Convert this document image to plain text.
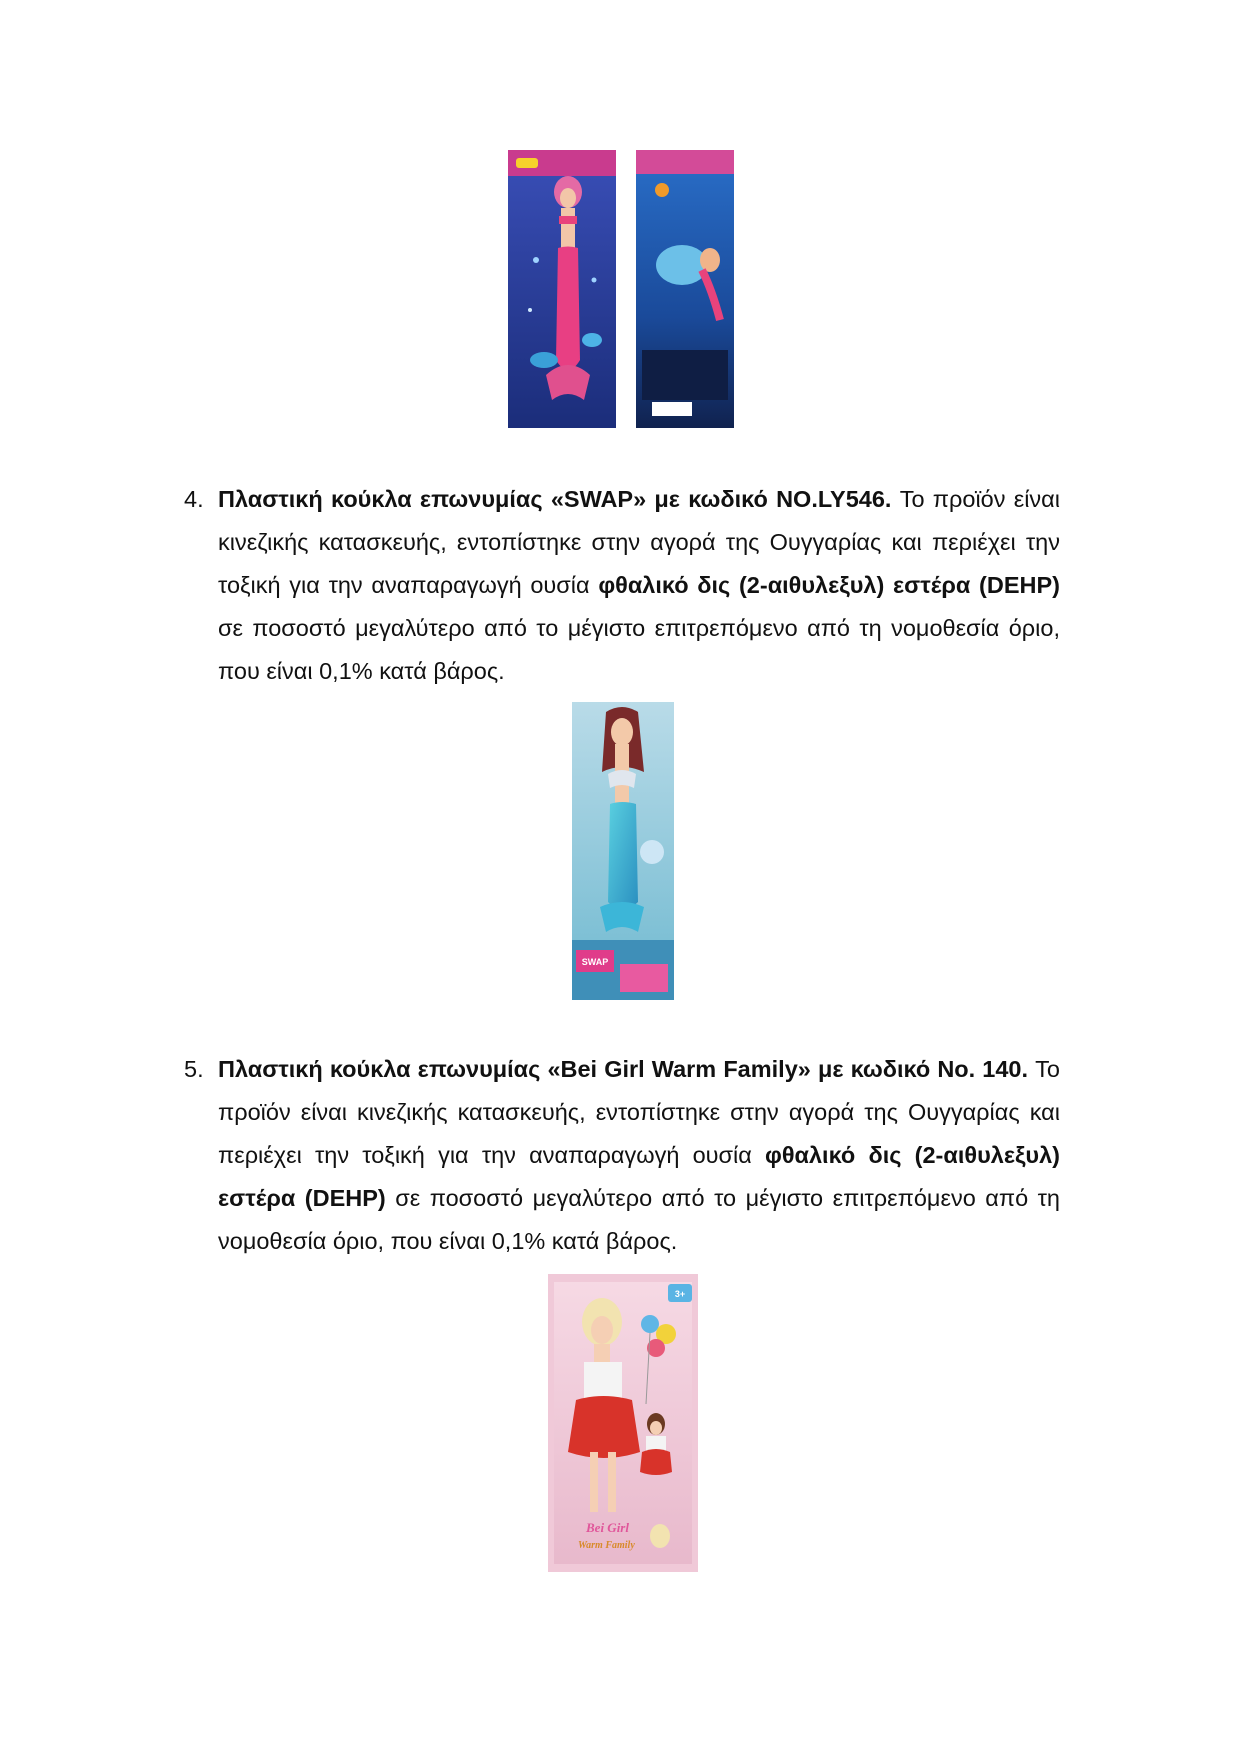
4. Πλαστική κούκλα επωνυμίας «SWAP» με κωδικό NO.LY546. Το προϊόν είναι κινεζικής κατασκευής, εντοπίστηκε στην αγορά της Ουγγαρίας και περιέχει την τοξική για την αναπαραγωγή ουσία φθαλικό δις (2-αιθυλεξυλ) εστέρα (DEHP) σε ποσοστό μεγαλύτερο από το μέγιστο επιτρεπόμενο από τη νομοθεσία όριο, που είναι 0,1% κατά βάρος.

SWAP
5. Πλαστική κούκλα επωνυμίας «Bei Girl Warm Family» με κωδικό No. 140. Το προϊόν είναι κινεζικής κατασκευής, εντοπίστηκε στην αγορά της Ουγγαρίας και περιέχει την τοξική για την αναπαραγωγή ουσία φθαλικό δις (2-αιθυλεξυλ) εστέρα (DEHP) σε ποσοστό μεγαλύτερο από το μέγιστο επιτρεπόμενο από τη νομοθεσία όριο, που είναι 0,1% κατά βάρος.

3+
Bei Girl
Warm Family
